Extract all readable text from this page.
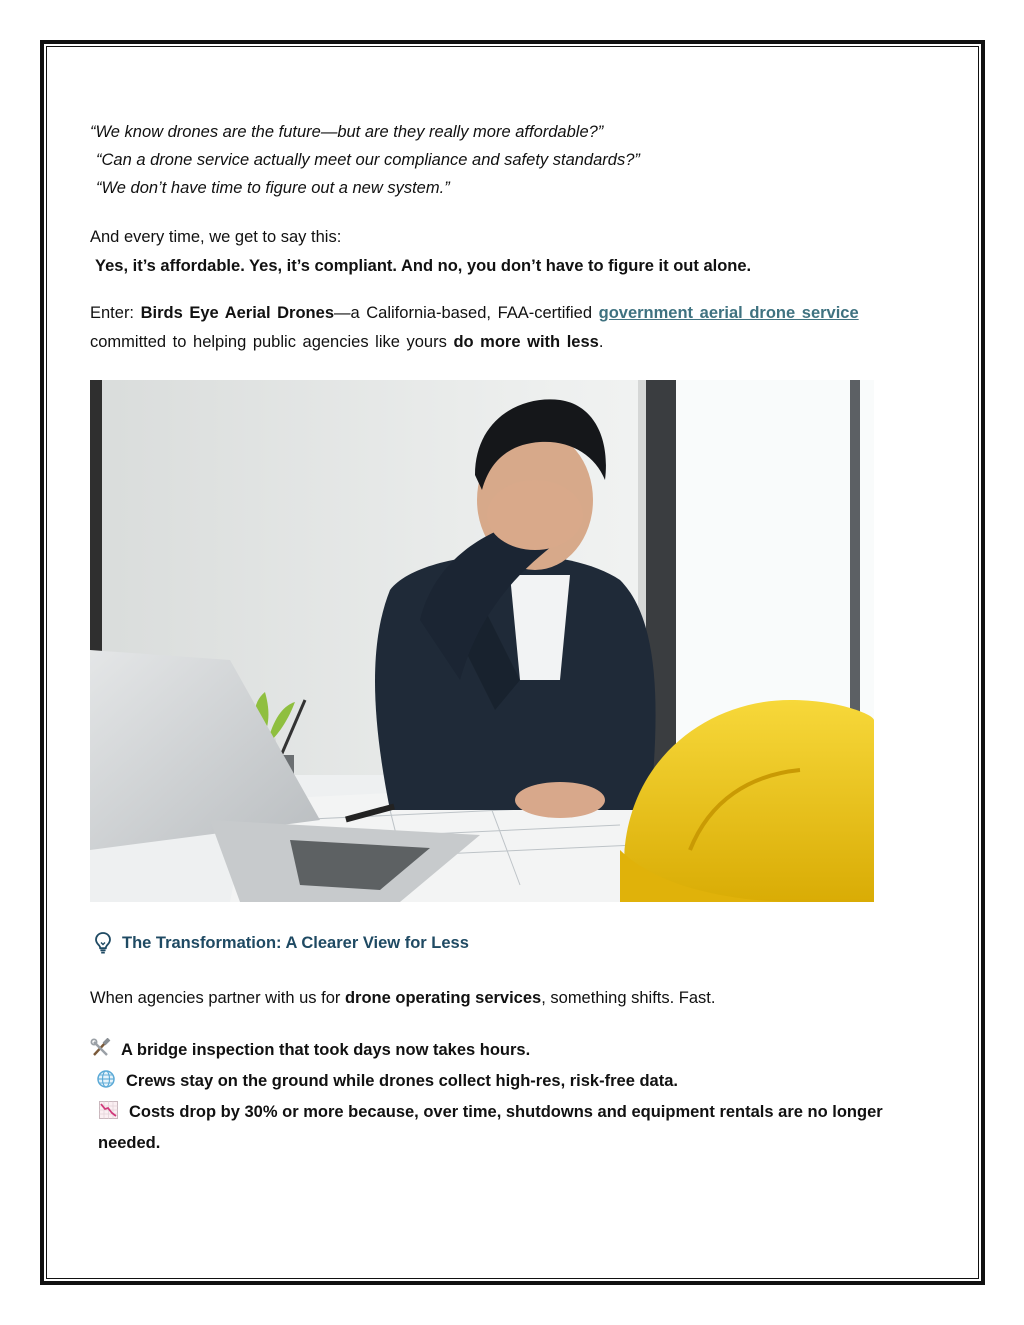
“We know drones are the future—but are they really more affordable?”

“Can a drone service actually meet our compliance and safety standards?”

“We don’t have time to figure out a new system.”

And every time, we get to say this:

Yes, it’s affordable. Yes, it’s compliant. And no, you don’t have to figure it out alone.

Enter: Birds Eye Aerial Drones—a California-based, FAA-certified government aerial drone service
committed to helping public agencies like yours do more with less.

The Transformation: A Clearer View for Less

When agencies partner with us for drone operating services, something shifts. Fast.

A bridge inspection that took days now takes hours.
Crews stay on the ground while drones collect high-res, risk-free data.
Costs drop by 30% or more because, over time, shutdowns and equipment rentals are no longer needed.
